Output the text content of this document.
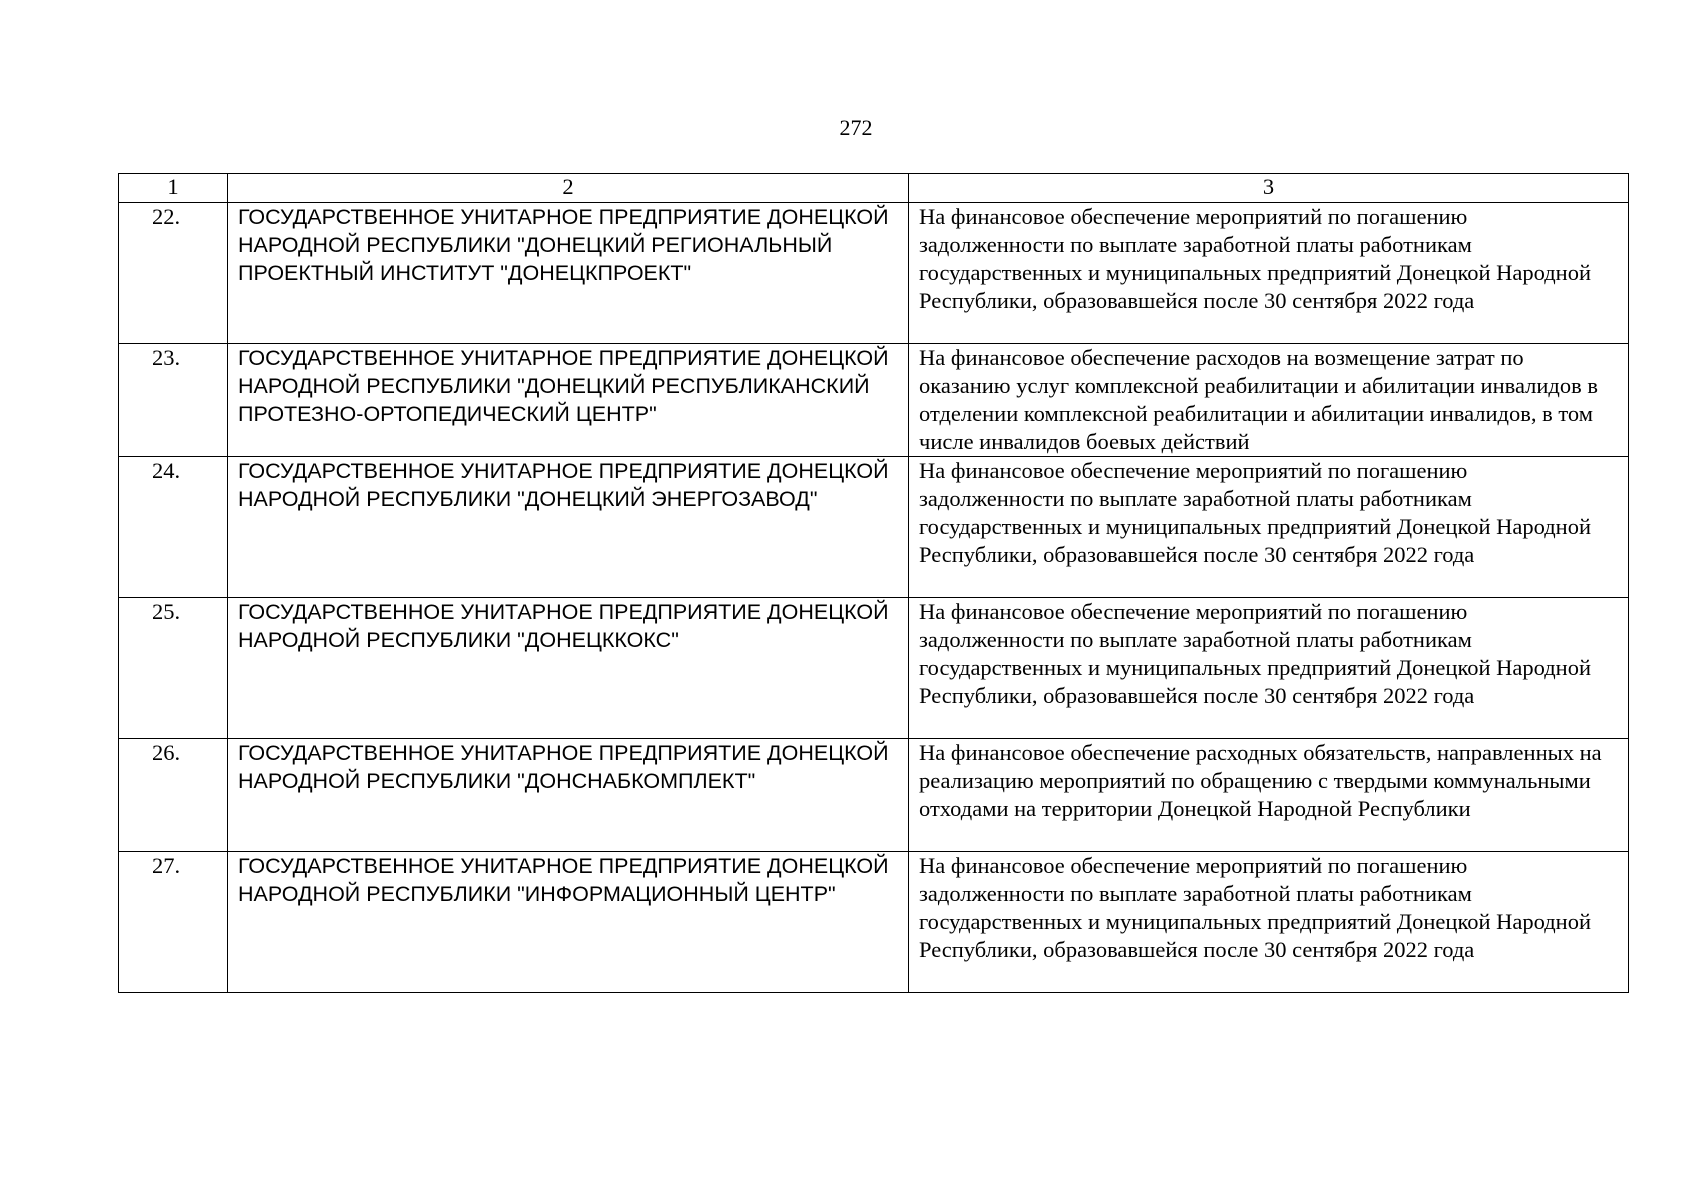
272
1	2	3
22.	ГОСУДАРСТВЕННОЕ УНИТАРНОЕ ПРЕДПРИЯТИЕ ДОНЕЦКОЙ НАРОДНОЙ РЕСПУБЛИКИ "ДОНЕЦКИЙ РЕГИОНАЛЬНЫЙ ПРОЕКТНЫЙ ИНСТИТУТ "ДОНЕЦКПРОЕКТ"	На финансовое обеспечение мероприятий по погашению задолженности по выплате заработной платы работникам государственных и муниципальных предприятий Донецкой Народной Республики, образовавшейся после 30 сентября 2022 года
23.	ГОСУДАРСТВЕННОЕ УНИТАРНОЕ ПРЕДПРИЯТИЕ ДОНЕЦКОЙ НАРОДНОЙ РЕСПУБЛИКИ "ДОНЕЦКИЙ РЕСПУБЛИКАНСКИЙ ПРОТЕЗНО-ОРТОПЕДИЧЕСКИЙ ЦЕНТР"	На финансовое обеспечение расходов на возмещение затрат по оказанию услуг комплексной реабилитации и абилитации инвалидов в отделении комплексной реабилитации и абилитации инвалидов, в том числе инвалидов боевых действий
24.	ГОСУДАРСТВЕННОЕ УНИТАРНОЕ ПРЕДПРИЯТИЕ ДОНЕЦКОЙ НАРОДНОЙ РЕСПУБЛИКИ "ДОНЕЦКИЙ ЭНЕРГОЗАВОД"	На финансовое обеспечение мероприятий по погашению задолженности по выплате заработной платы работникам государственных и муниципальных предприятий Донецкой Народной Республики, образовавшейся после 30 сентября 2022 года
25.	ГОСУДАРСТВЕННОЕ УНИТАРНОЕ ПРЕДПРИЯТИЕ ДОНЕЦКОЙ НАРОДНОЙ РЕСПУБЛИКИ "ДОНЕЦККОКС"	На финансовое обеспечение мероприятий по погашению задолженности по выплате заработной платы работникам государственных и муниципальных предприятий Донецкой Народной Республики, образовавшейся после 30 сентября 2022 года
26.	ГОСУДАРСТВЕННОЕ УНИТАРНОЕ ПРЕДПРИЯТИЕ ДОНЕЦКОЙ НАРОДНОЙ РЕСПУБЛИКИ "ДОНСНАБКОМПЛЕКТ"	На финансовое обеспечение расходных обязательств, направленных на реализацию мероприятий по обращению с твердыми коммунальными отходами на территории Донецкой Народной Республики
27.	ГОСУДАРСТВЕННОЕ УНИТАРНОЕ ПРЕДПРИЯТИЕ ДОНЕЦКОЙ НАРОДНОЙ РЕСПУБЛИКИ "ИНФОРМАЦИОННЫЙ ЦЕНТР"	На финансовое обеспечение мероприятий по погашению задолженности по выплате заработной платы работникам государственных и муниципальных предприятий Донецкой Народной Республики, образовавшейся после 30 сентября 2022 года
